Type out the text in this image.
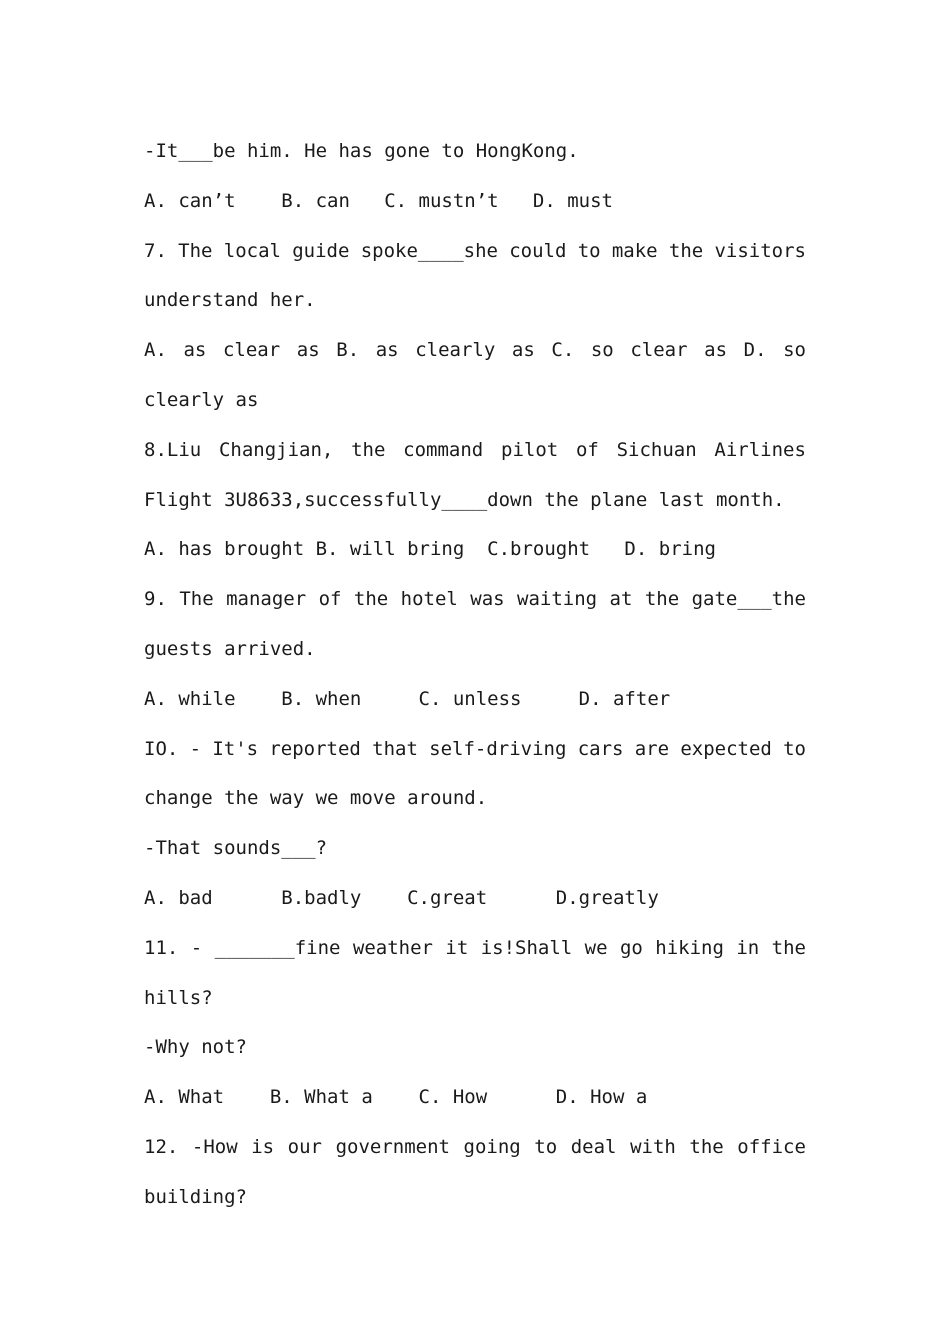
-It___be him. He has gone to HongKong.
A. can’t    B. can   C. mustn’t   D. must
7. The local guide spoke____she could to make the visitors
understand her.
A. as clear as B. as clearly as C. so clear as D. so
clearly as
8.Liu Changjian, the command pilot of Sichuan Airlines
Flight 3U8633,successfully____down the plane last month.
A. has brought B. will bring  C.brought   D. bring
9. The manager of the hotel was waiting at the gate___the
guests arrived.
A. while    B. when     C. unless     D. after
IO. - It's reported that self-driving cars are expected to
change the way we move around.
-That sounds___?
A. bad      B.badly    C.great      D.greatly
11. - _______fine weather it is!Shall we go hiking in the
hills?
-Why not?
A. What    B. What a    C. How      D. How a
12. -How is our government going to deal with the office
building?
